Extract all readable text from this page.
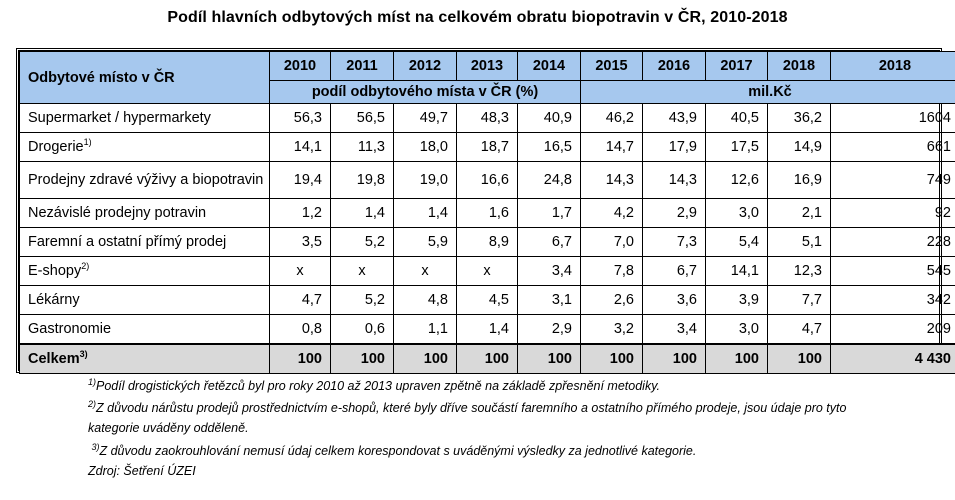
Podíl hlavních odbytových míst na celkovém obratu biopotravin v ČR, 2010-2018
Odbytové místo v ČR	2010	2011	2012	2013	2014	2015	2016	2017	2018	2018
	podíl odbytového místa v ČR (%)					mil.Kč				
Supermarket / hypermarkety	56,3	56,5	49,7	48,3	40,9	46,2	43,9	40,5	36,2	1604
Drogerie$^{1)}$	14,1	11,3	18,0	18,7	16,5	14,7	17,9	17,5	14,9	661
Prodejny zdravé výživy a biopotravin	19,4	19,8	19,0	16,6	24,8	14,3	14,3	12,6	16,9	749
Nezávislé prodejny potravin	1,2	1,4	1,4	1,6	1,7	4,2	2,9	3,0	2,1	92
Faremní a ostatní přímý prodej	3,5	5,2	5,9	8,9	6,7	7,0	7,3	5,4	5,1	228
E-shopy$^{2)}$	x	x	x	x	3,4	7,8	6,7	14,1	12,3	545
Lékárny	4,7	5,2	4,8	4,5	3,1	2,6	3,6	3,9	7,7	342
Gastronomie	0,8	0,6	1,1	1,4	2,9	3,2	3,4	3,0	4,7	209
Celkem$^{3)}$	100	100	100	100	100	100	100	100	100	4 430

$^{1)}$Podíl drogistických řetězců byl pro roky 2010 až 2013 upraven zpětně na základě zpřesnění metodiky.

$^{2)}$Z důvodu nárůstu prodejů prostřednictvím e-shopů, které byly dříve součástí faremního a ostatního přímého prodeje, jsou údaje pro tyto kategorie uváděny odděleně.

$^{3)}$Z důvodu zaokrouhlování nemusí údaj celkem korespondovat s uváděnými výsledky za jednotlivé kategorie.

Zdroj: Šetření ÚZEI
